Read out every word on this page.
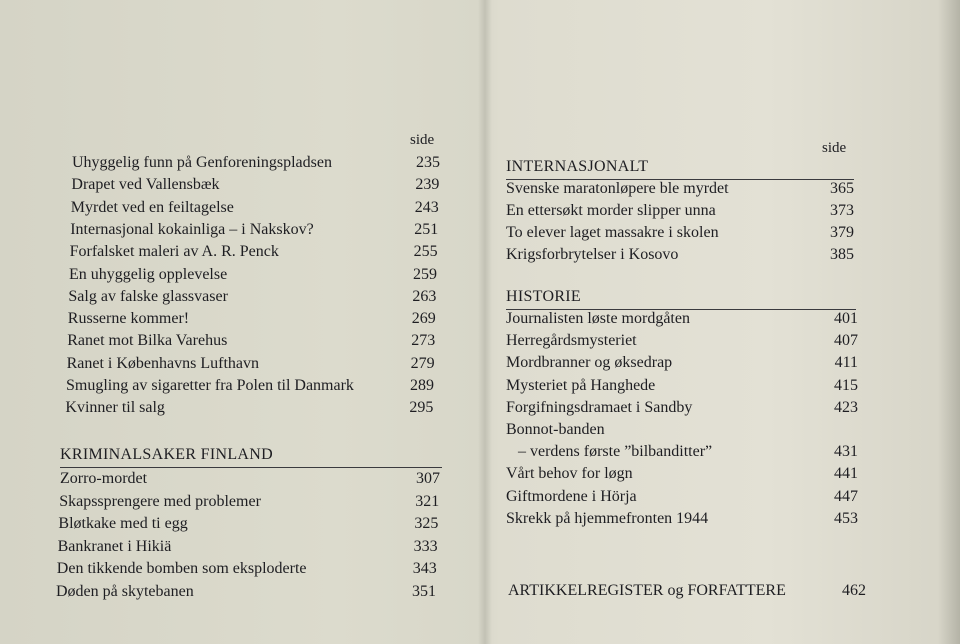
side
Uhyggelig funn på Genforeningspladsen	235
Drapet ved Vallensbæk	239
Myrdet ved en feiltagelse	243
Internasjonal kokainliga – i Nakskov?	251
Forfalsket maleri av A. R. Penck	255
En uhyggelig opplevelse	259
Salg av falske glassvaser	263
Russerne kommer!	269
Ranet mot Bilka Varehus	273
Ranet i Københavns Lufthavn	279
Smugling av sigaretter fra Polen til Danmark	289
Kvinner til salg	295
KRIMINALSAKER FINLAND
Zorro-mordet	307
Skapssprengere med problemer	321
Bløtkake med ti egg	325
Bankranet i Hikiä	333
Den tikkende bomben som eksploderte	343
Døden på skytebanen	351
side
INTERNASJONALT
Svenske maratonløpere ble myrdet	365
En ettersøkt morder slipper unna	373
To elever laget massakre i skolen	379
Krigsforbrytelser i Kosovo	385
HISTORIE
Journalisten løste mordgåten	401
Herregårdsmysteriet	407
Mordbranner og øksedrap	411
Mysteriet på Hanghede	415
Forgifningsdramaet i Sandby	423
Bonnot-banden
– verdens første ”bilbanditter”	431
Vårt behov for løgn	441
Giftmordene i Hörja	447
Skrekk på hjemmefronten 1944	453
ARTIKKELREGISTER og FORFATTERE	462
